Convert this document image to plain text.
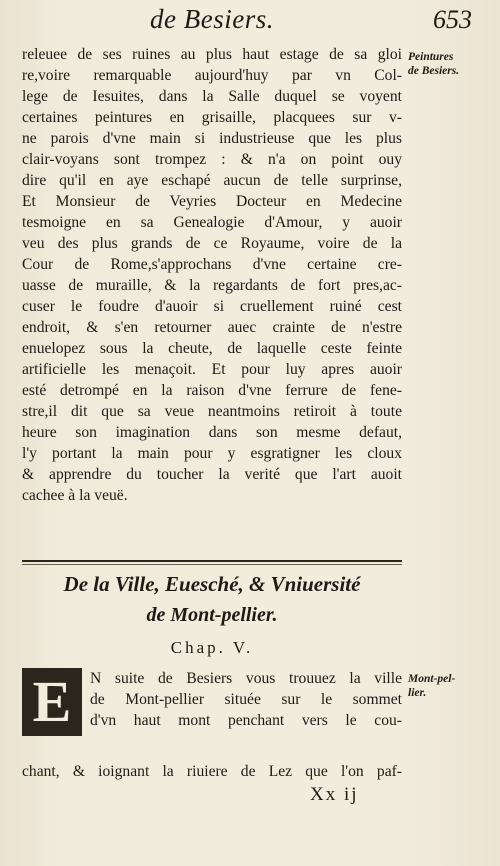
de Besiers.	653
releuee de ses ruines au plus haut estage de sa gloi
re,voire remarquable aujourd'huy par vn Col-
lege de Iesuites, dans la Salle duquel se voyent
certaines peintures en grisaille, placquees sur v-
ne parois d'vne main si industrieuse que les plus
clair-voyans sont trompez : & n'a on point ouy
dire qu'il en aye eschapé aucun de telle surprinse,
Et Monsieur de Veyries Docteur en Medecine
tesmoigne en sa Genealogie d'Amour, y auoir
veu des plus grands de ce Royaume, voire de la
Cour de Rome,s'approchans d'vne certaine cre-
uasse de muraille, & la regardants de fort pres,ac-
cuser le foudre d'auoir si cruellement ruiné cest
endroit, & s'en retourner auec crainte de n'estre
enuelopez sous la cheute, de laquelle ceste feinte
artificielle les menaçoit. Et pour luy apres auoir
esté detrompé en la raison d'vne ferrure de fene-
stre,il dit que sa veue neantmoins retiroit à toute
heure son imagination dans son mesme defaut,
l'y portant la main pour y esgratigner les cloux
& apprendre du toucher la verité que l'art auoit
cachee à la veuë.
Peintures
de Besiers.
De la Ville, Euesché, & Vniuersité
de Mont-pellier.
Chap. V.
E N suite de Besiers vous trouuez la ville
de Mont-pellier située sur le sommet
d'vn haut mont penchant vers le cou-
chant, & ioignant la riuiere de Lez que l'on paf-
Mont-pel-
lier.
Xx ij
